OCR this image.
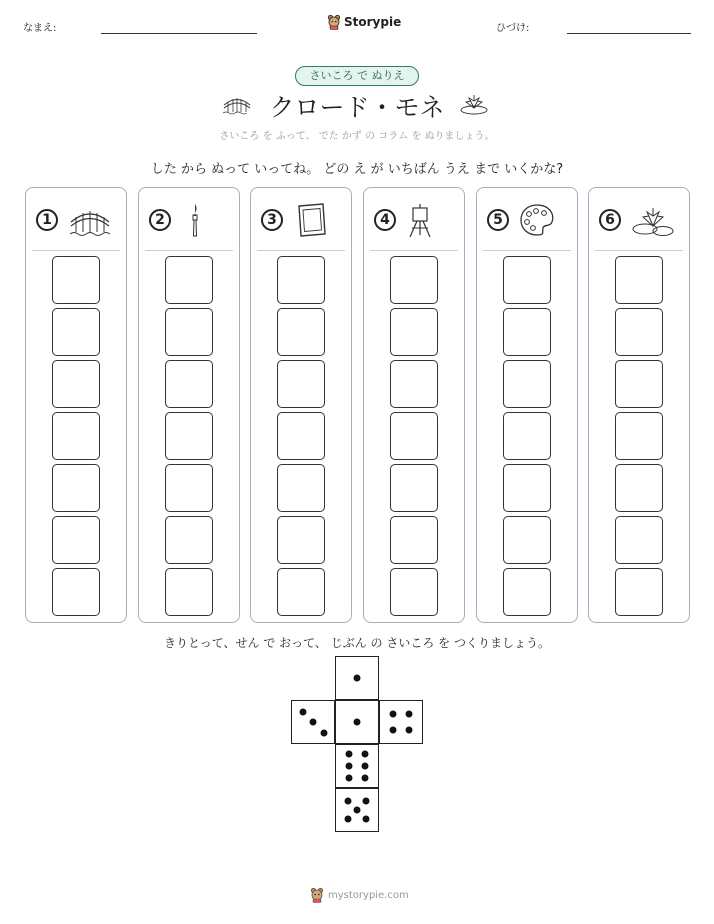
なまえ:	Storypie	ひづけ:
さいころ で ぬりえ
クロード・モネ
さいころ を ふって、 でた かず の コラム を ぬりましょう。
した から ぬって いってね。 どの え が いちばん うえ まで いくかな?
1	2	3	4	5	6
きりとって、せん で おって、 じぶん の さいころ を つくりましょう。
mystorypie.com
